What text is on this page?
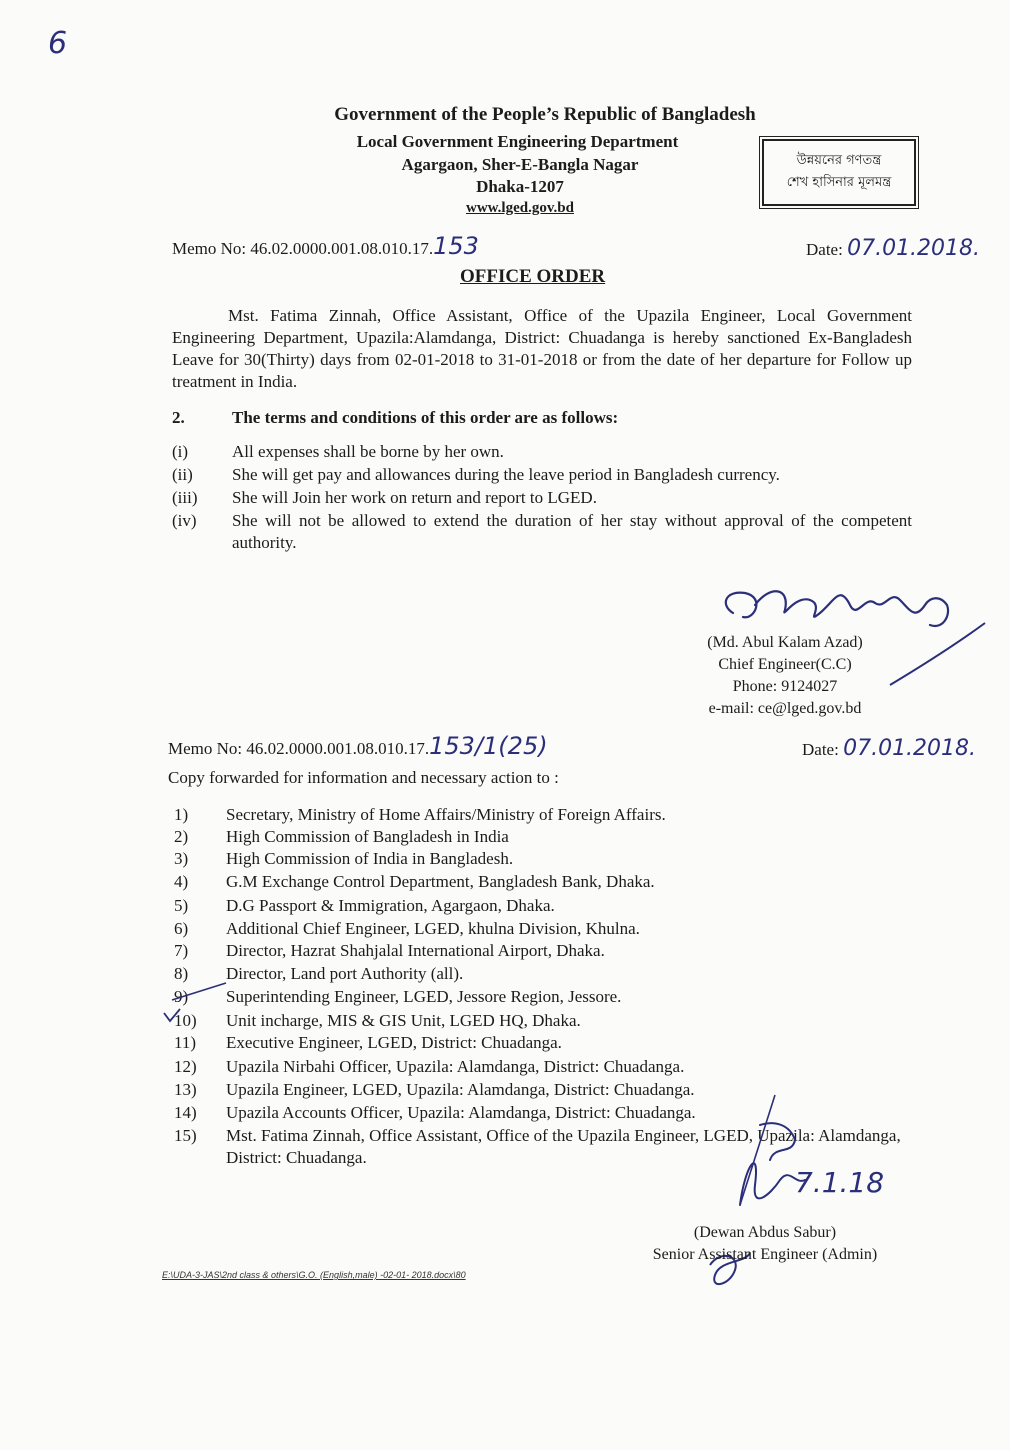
6
Government of the People’s Republic of Bangladesh
Local Government Engineering Department
Agargaon, Sher-E-Bangla Nagar
Dhaka-1207
www.lged.gov.bd
উন্নয়নের গণতন্ত্র
শেখ হাসিনার মূলমন্ত্র
Memo No: 46.02.0000.001.08.010.17.153	Date: 07.01.2018.
OFFICE ORDER
Mst. Fatima Zinnah, Office Assistant, Office of the Upazila Engineer, Local Government Engineering Department, Upazila:Alamdanga, District: Chuadanga is hereby sanctioned Ex-Bangladesh Leave for 30(Thirty) days from 02-01-2018 to 31-01-2018 or from the date of her departure for Follow up treatment in India.
2.	The terms and conditions of this order are as follows:
(i)	All expenses shall be borne by her own.
(ii)	She will get pay and allowances during the leave period in Bangladesh currency.
(iii)	She will Join her work on return and report to LGED.
(iv)	She will not be allowed to extend the duration of her stay without approval of the competent authority.
(Md. Abul Kalam Azad)
Chief Engineer(C.C)
Phone: 9124027
e-mail: ce@lged.gov.bd
Memo No: 46.02.0000.001.08.010.17.153/1(25)	Date: 07.01.2018.
Copy forwarded for information and necessary action to :
1)	Secretary, Ministry of Home Affairs/Ministry of Foreign Affairs.
2)	High Commission of Bangladesh in India
3)	High Commission of India in Bangladesh.
4)	G.M Exchange Control Department, Bangladesh Bank, Dhaka.
5)	D.G Passport & Immigration, Agargaon, Dhaka.
6)	Additional Chief Engineer, LGED, khulna Division, Khulna.
7)	Director, Hazrat Shahjalal International Airport, Dhaka.
8)	Director, Land port Authority (all).
9)	Superintending Engineer, LGED, Jessore Region, Jessore.
10)	Unit incharge, MIS & GIS Unit, LGED HQ, Dhaka.
11)	Executive Engineer, LGED, District: Chuadanga.
12)	Upazila Nirbahi Officer, Upazila: Alamdanga, District: Chuadanga.
13)	Upazila Engineer, LGED, Upazila: Alamdanga, District: Chuadanga.
14)	Upazila Accounts Officer, Upazila: Alamdanga, District: Chuadanga.
15)	Mst. Fatima Zinnah, Office Assistant, Office of the Upazila Engineer, LGED, Upazila: Alamdanga, District: Chuadanga.
7.1.18
(Dewan Abdus Sabur)
Senior Assistant Engineer (Admin)
E:\UDA-3-JAS\2nd class & others\G.O. (English,male) -02-01- 2018.docx\80
